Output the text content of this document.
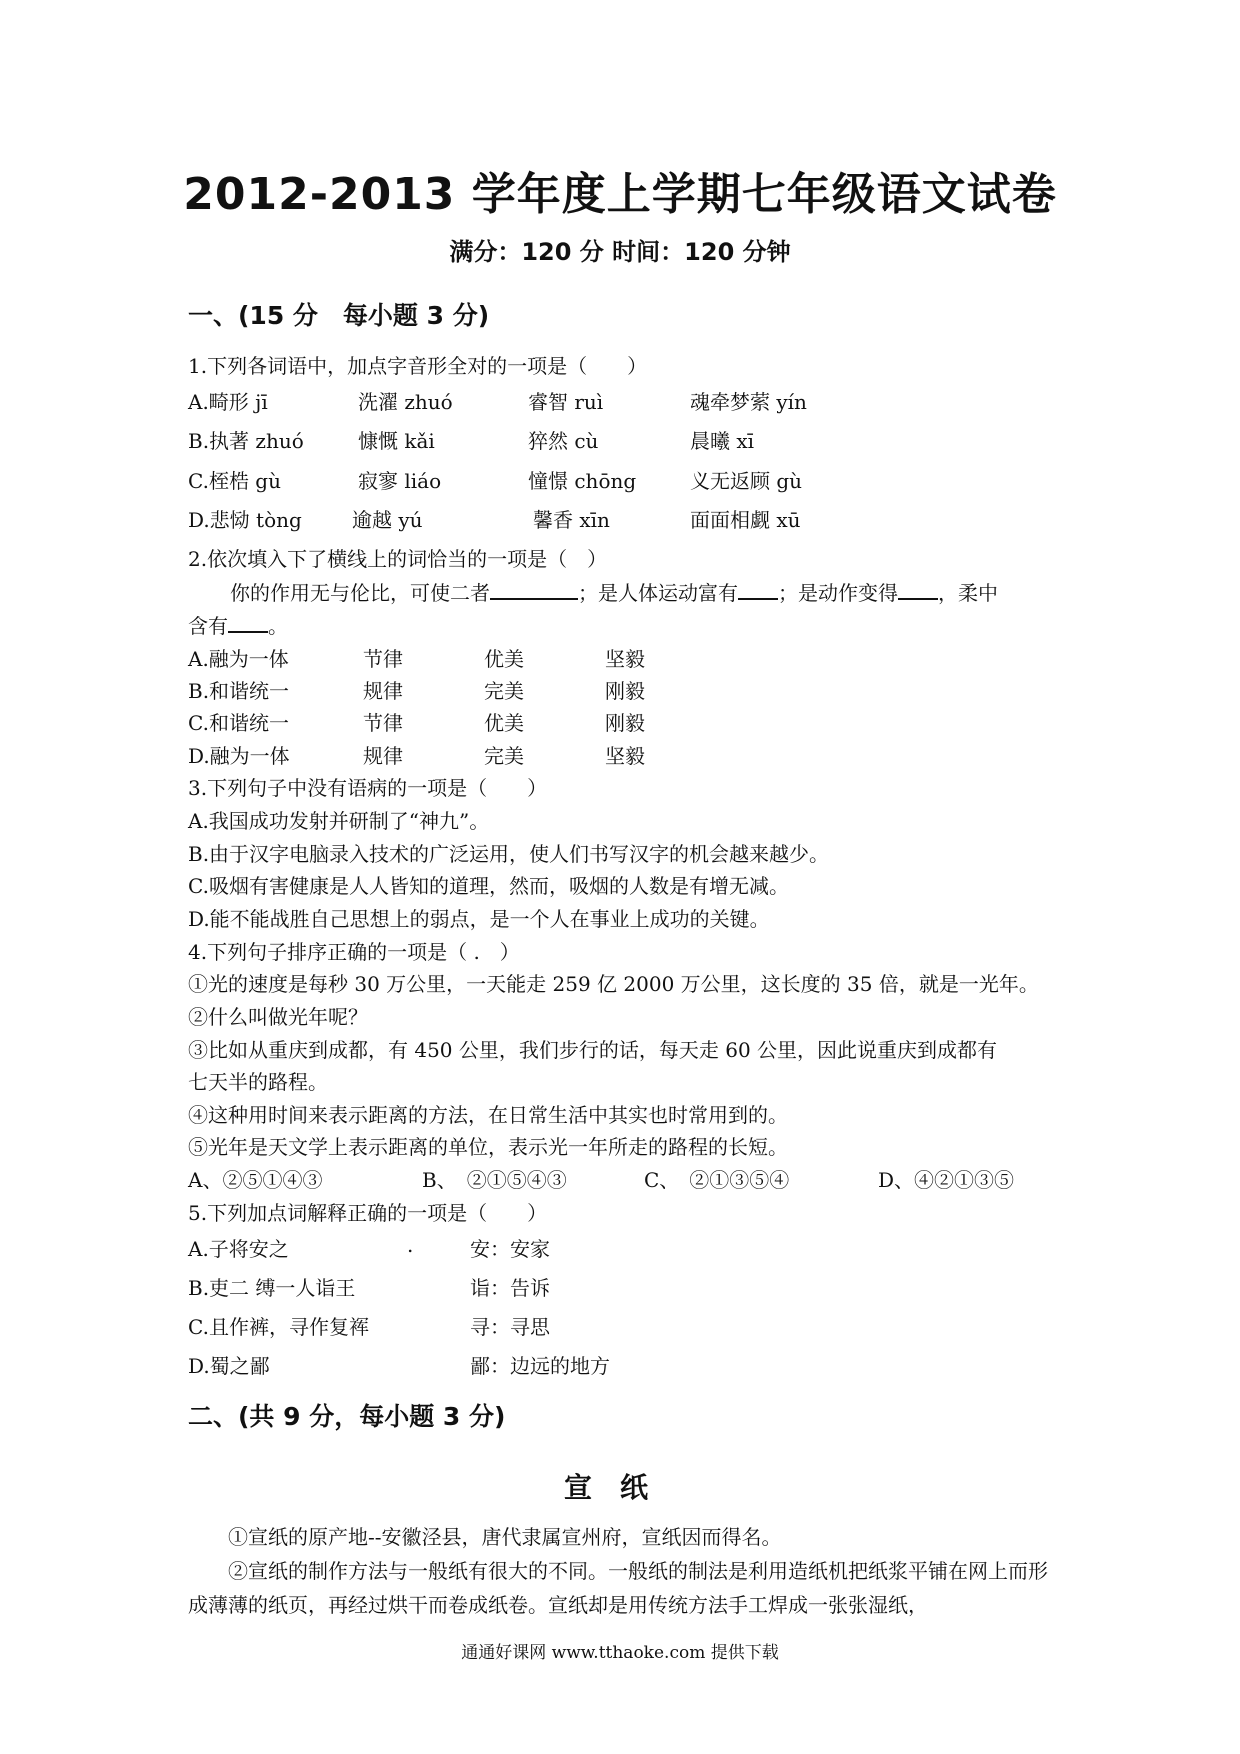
2012-2013 学年度上学期七年级语文试卷
满分：120 分 时间：120 分钟
一、(15 分　每小题 3 分)
1.下列各词语中，加点字音形全对的一项是（　　）
A.畸形 jī	洗濯 zhuó	睿智 ruì	魂牵梦萦 yín
B.执著 zhuó	慷慨 kǎi	猝然 cù	晨曦 xī
C.桎梏 gù	寂寥 liáo	憧憬 chōng	义无返顾 gù
D.悲恸 tòng	逾越 yú	馨香 xīn	面面相觑 xū
2.依次填入下了横线上的词恰当的一项是（　）
你的作用无与伦比，可使二者	；是人体运动富有 ；是动作变得 ，柔中
含有 。
A.融为一体	节律	优美	坚毅
B.和谐统一	规律	完美	刚毅
C.和谐统一	节律	优美	刚毅
D.融为一体	规律	完美	坚毅
3.下列句子中没有语病的一项是（　　）
A.我国成功发射并研制了“神九”。
B.由于汉字电脑录入技术的广泛运用，使人们书写汉字的机会越来越少。
C.吸烟有害健康是人人皆知的道理，然而，吸烟的人数是有增无减。
D.能不能战胜自己思想上的弱点，是一个人在事业上成功的关键。
4.下列句子排序正确的一项是（ .　）
①光的速度是每秒 30 万公里，一天能走 259 亿 2000 万公里，这长度的 35 倍，就是一光年。
②什么叫做光年呢？
③比如从重庆到成都，有 450 公里，我们步行的话，每天走 60 公里，因此说重庆到成都有
七天半的路程。
④这种用时间来表示距离的方法，在日常生活中其实也时常用到的。
⑤光年是天文学上表示距离的单位，表示光一年所走的路程的长短。
A、②⑤①④③	B、　②①⑤④③	C、　②①③⑤④	D、④②①③⑤
5.下列加点词解释正确的一项是（　　）
A.子将安之	.	安：安家
B.吏二 缚一人诣王	诣：告诉
C.且作裤，寻作复裈	寻：寻思
D.蜀之鄙	鄙：边远的地方
二、(共 9 分，每小题 3 分)
宣纸
①宣纸的原产地--安徽泾县，唐代隶属宣州府，宣纸因而得名。
②宣纸的制作方法与一般纸有很大的不同。一般纸的制法是利用造纸机把纸浆平铺在网上而形成薄薄的纸页，再经过烘干而卷成纸卷。宣纸却是用传统方法手工焊成一张张湿纸，
通通好课网 www.tthaoke.com 提供下载
